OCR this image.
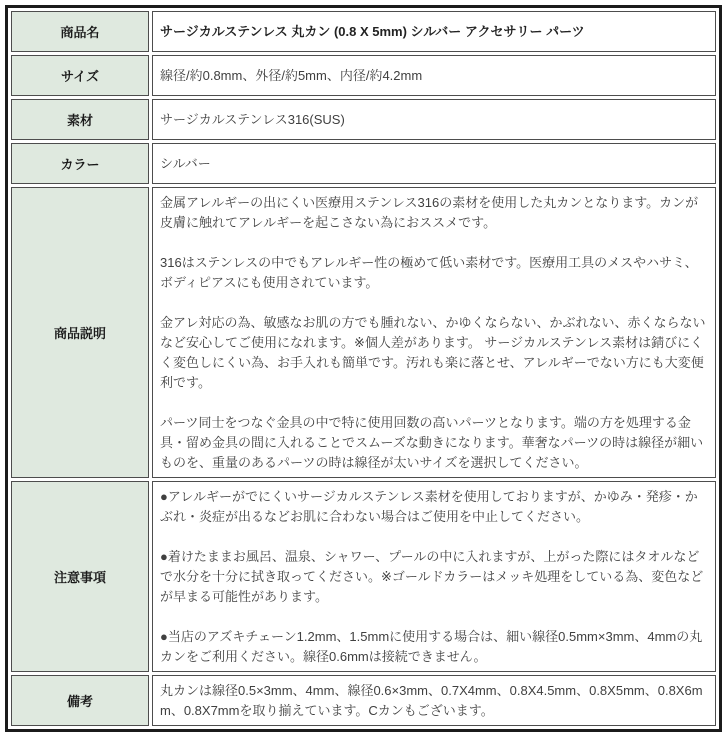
商品名	サージカルステンレス 丸カン (0.8 X 5mm) シルバー アクセサリー パーツ
サイズ	線径/約0.8mm、外径/約5mm、内径/約4.2mm
素材	サージカルステンレス316(SUS)
カラー	シルバー
商品説明	金属アレルギーの出にくい医療用ステンレス316の素材を使用した丸カンとなります。カンが皮膚に触れてアレルギーを起こさない為におススメです。

316はステンレスの中でもアレルギー性の極めて低い素材です。医療用工具のメスやハサミ、ボディピアスにも使用されています。

金アレ対応の為、敏感なお肌の方でも腫れない、かゆくならない、かぶれない、赤くならないなど安心してご使用になれます。※個人差があります。 サージカルステンレス素材は錆びにくく変色しにくい為、お手入れも簡単です。汚れも楽に落とせ、アレルギーでない方にも大変便利です。

パーツ同士をつなぐ金具の中で特に使用回数の高いパーツとなります。端の方を処理する金具・留め金具の間に入れることでスムーズな動きになります。華奢なパーツの時は線径が細いものを、重量のあるパーツの時は線径が太いサイズを選択してください。

注意事項	●アレルギーがでにくいサージカルステンレス素材を使用しておりますが、かゆみ・発疹・かぶれ・炎症が出るなどお肌に合わない場合はご使用を中止してください。

●着けたままお風呂、温泉、シャワー、プールの中に入れますが、上がった際にはタオルなどで水分を十分に拭き取ってください。※ゴールドカラーはメッキ処理をしている為、変色などが早まる可能性があります。

●当店のアズキチェーン1.2mm、1.5mmに使用する場合は、細い線径0.5mm×3mm、4mmの丸カンをご利用ください。線径0.6mmは接続できません。

備考	丸カンは線径0.5×3mm、4mm、線径0.6×3mm、0.7X4mm、0.8X4.5mm、0.8X5mm、0.8X6mm、0.8X7mmを取り揃えています。Cカンもございます。
